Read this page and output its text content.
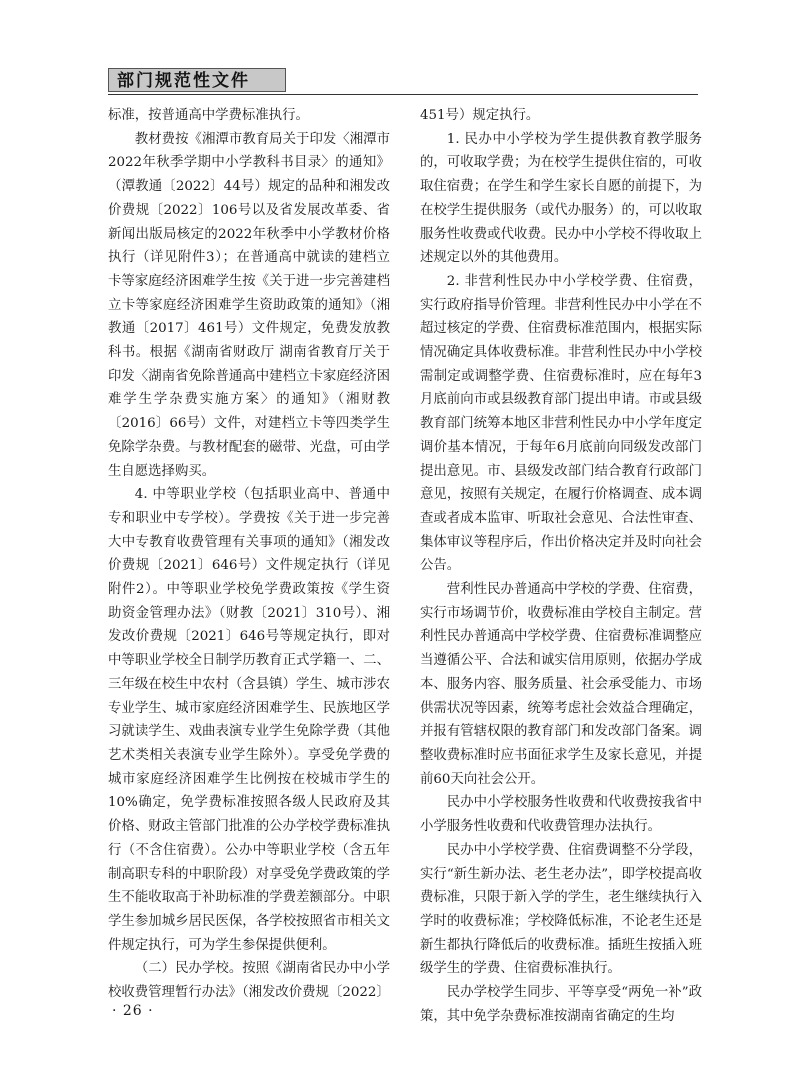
部门规范性文件

标准，按普通高中学费标准执行。

教材费按《湘潭市教育局关于印发〈湘潭市2022年秋季学期中小学教科书目录〉的通知》（潭教通〔2022〕44号）规定的品种和湘发改价费规〔2022〕106号以及省发展改革委、省新闻出版局核定的2022年秋季中小学教材价格执行（详见附件3）；在普通高中就读的建档立卡等家庭经济困难学生按《关于进一步完善建档立卡等家庭经济困难学生资助政策的通知》（湘教通〔2017〕461号）文件规定，免费发放教科书。根据《湖南省财政厅 湖南省教育厅关于印发〈湖南省免除普通高中建档立卡家庭经济困难学生学杂费实施方案〉的通知》（湘财教〔2016〕66号）文件，对建档立卡等四类学生免除学杂费。与教材配套的磁带、光盘，可由学生自愿选择购买。

4. 中等职业学校（包括职业高中、普通中专和职业中专学校）。学费按《关于进一步完善大中专教育收费管理有关事项的通知》（湘发改价费规〔2021〕646号）文件规定执行（详见附件2）。中等职业学校免学费政策按《学生资助资金管理办法》（财教〔2021〕310号）、湘发改价费规〔2021〕646号等规定执行，即对中等职业学校全日制学历教育正式学籍一、二、三年级在校生中农村（含县镇）学生、城市涉农专业学生、城市家庭经济困难学生、民族地区学习就读学生、戏曲表演专业学生免除学费（其他艺术类相关表演专业学生除外）。享受免学费的城市家庭经济困难学生比例按在校城市学生的10%确定，免学费标准按照各级人民政府及其价格、财政主管部门批准的公办学校学费标准执行（不含住宿费）。公办中等职业学校（含五年制高职专科的中职阶段）对享受免学费政策的学生不能收取高于补助标准的学费差额部分。中职学生参加城乡居民医保，各学校按照省市相关文件规定执行，可为学生参保提供便利。

（二）民办学校。按照《湖南省民办中小学校收费管理暂行办法》（湘发改价费规〔2022〕

451号）规定执行。

1. 民办中小学校为学生提供教育教学服务的，可收取学费；为在校学生提供住宿的，可收取住宿费；在学生和学生家长自愿的前提下，为在校学生提供服务（或代办服务）的，可以收取服务性收费或代收费。民办中小学校不得收取上述规定以外的其他费用。

2. 非营利性民办中小学校学费、住宿费，实行政府指导价管理。非营利性民办中小学在不超过核定的学费、住宿费标准范围内，根据实际情况确定具体收费标准。非营利性民办中小学校需制定或调整学费、住宿费标准时，应在每年3月底前向市或县级教育部门提出申请。市或县级教育部门统筹本地区非营利性民办中小学年度定调价基本情况，于每年6月底前向同级发改部门提出意见。市、县级发改部门结合教育行政部门意见，按照有关规定，在履行价格调查、成本调查或者成本监审、听取社会意见、合法性审查、集体审议等程序后，作出价格决定并及时向社会公告。

营利性民办普通高中学校的学费、住宿费，实行市场调节价，收费标准由学校自主制定。营利性民办普通高中学校学费、住宿费标准调整应当遵循公平、合法和诚实信用原则，依据办学成本、服务内容、服务质量、社会承受能力、市场供需状况等因素，统筹考虑社会效益合理确定，并报有管辖权限的教育部门和发改部门备案。调整收费标准时应书面征求学生及家长意见，并提前60天向社会公开。

民办中小学校服务性收费和代收费按我省中小学服务性收费和代收费管理办法执行。

民办中小学校学费、住宿费调整不分学段，实行“新生新办法、老生老办法”，即学校提高收费标准，只限于新入学的学生，老生继续执行入学时的收费标准；学校降低标准，不论老生还是新生都执行降低后的收费标准。插班生按插入班级学生的学费、住宿费标准执行。

民办学校学生同步、平等享受“两免一补”政策，其中免学杂费标准按湖南省确定的生均

· 26 ·
